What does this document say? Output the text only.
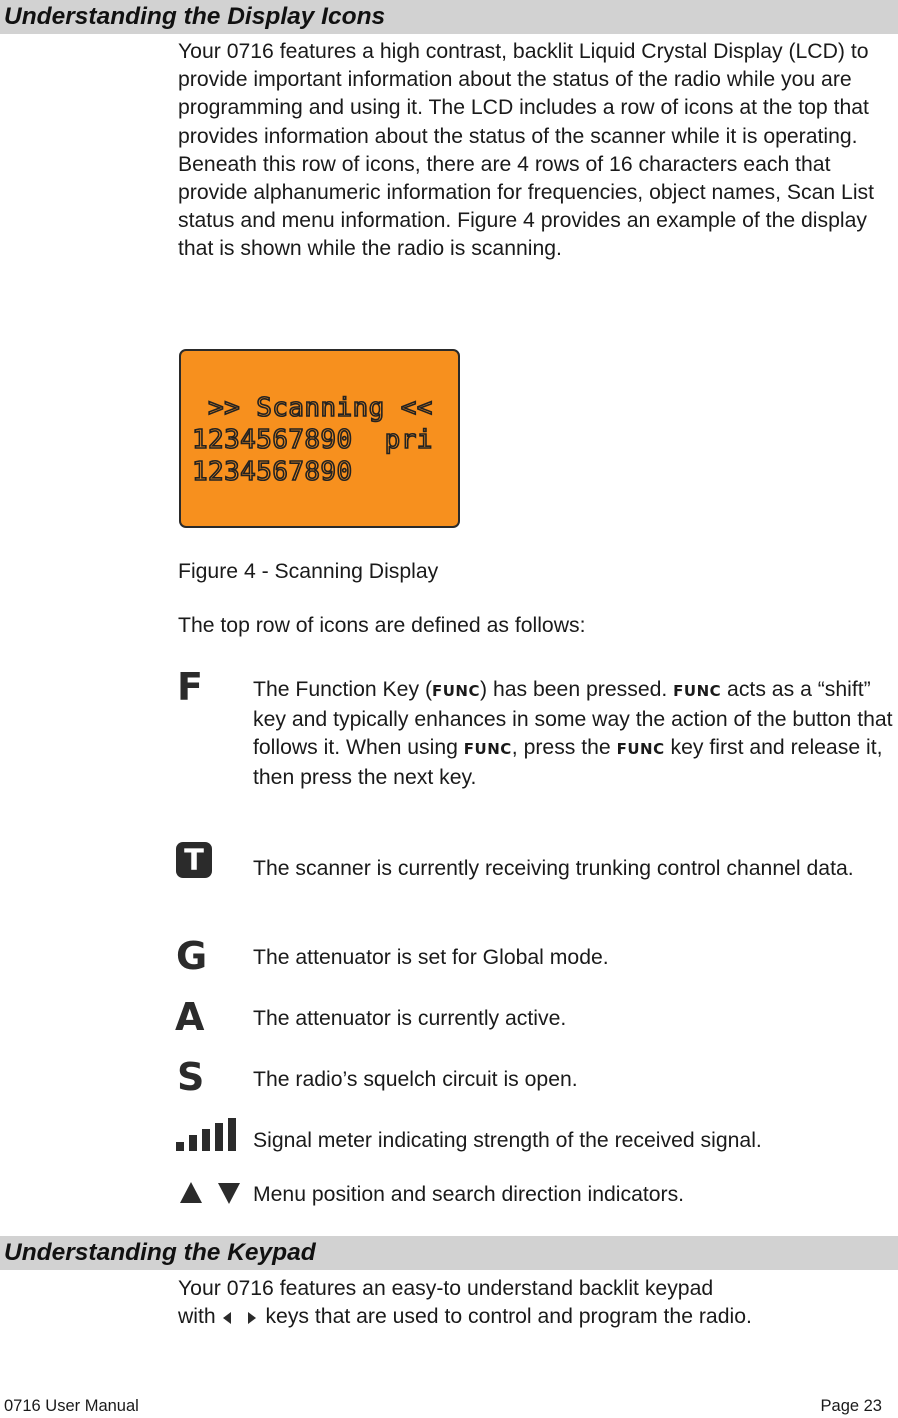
Understanding the Display Icons
Your 0716 features a high contrast, backlit Liquid Crystal Display (LCD) to provide important information about the status of the radio while you are programming and using it. The LCD includes a row of icons at the top that provides information about the status of the scanner while it is operating. Beneath this row of icons, there are 4 rows of 16 characters each that provide alphanumeric information for frequencies, object names, Scan List status and menu information. Figure 4 provides an example of the display that is shown while the radio is scanning.
>> Scanning <<
1234567890  pri
1234567890
Figure 4 - Scanning Display
The top row of icons are defined as follows:
F The Function Key (FUNC) has been pressed. FUNC acts as a “shift” key and typically enhances in some way the action of the button that follows it. When using FUNC, press the FUNC key first and release it, then press the next key.
T	The scanner is currently receiving trunking control channel data.
G The attenuator is set for Global mode.
A The attenuator is currently active.
S The radio’s squelch circuit is open.
Signal meter indicating strength of the received signal.
Menu position and search direction indicators.
Understanding the Keypad
Your 0716 features an easy-to understand backlit keypad
with  keys that are used to control and program the radio.
0716 User Manual	Page 23
